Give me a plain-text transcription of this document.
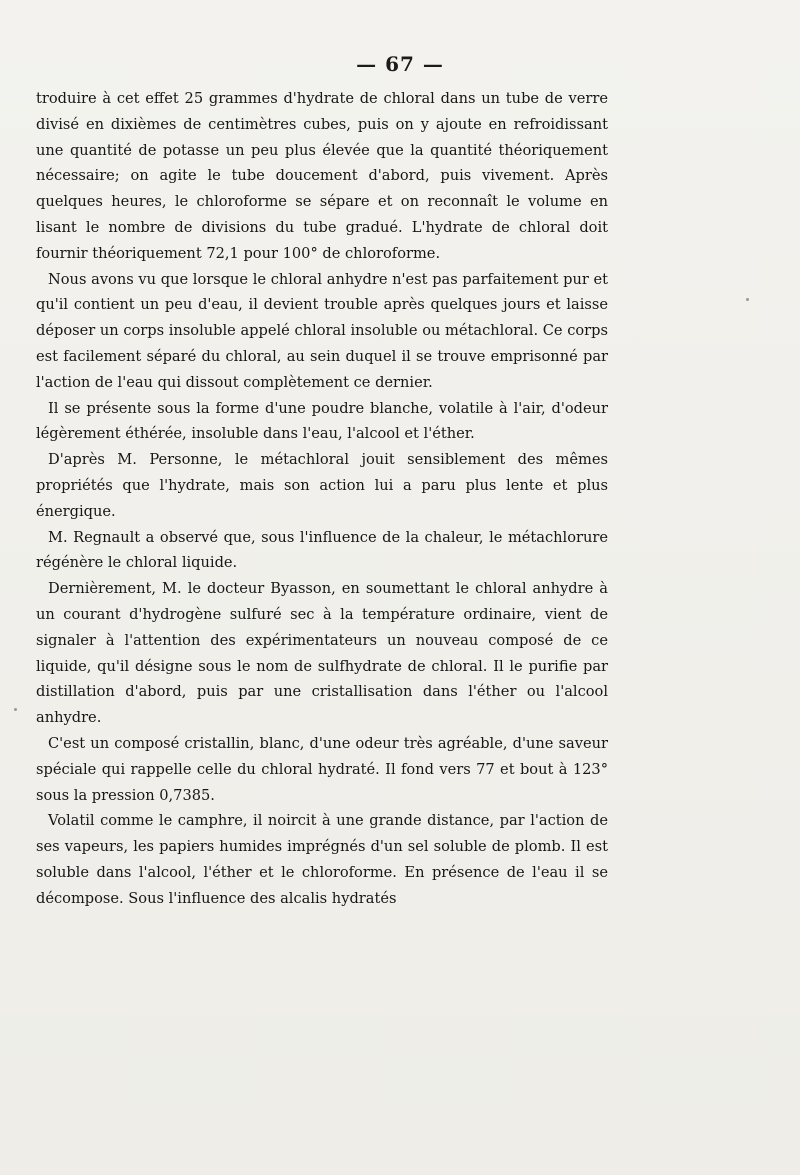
— 67 —

troduire à cet effet 25 grammes d'hydrate de chloral dans un tube de verre divisé en dixièmes de centimètres cubes, puis on y ajoute en refroidissant une quantité de potasse un peu plus élevée que la quantité théoriquement nécessaire; on agite le tube doucement d'abord, puis vivement. Après quelques heures, le chloroforme se sépare et on reconnaît le volume en lisant le nombre de divisions du tube gradué. L'hydrate de chloral doit fournir théoriquement 72,1 pour 100° de chloroforme.

Nous avons vu que lorsque le chloral anhydre n'est pas parfaitement pur et qu'il contient un peu d'eau, il devient trouble après quelques jours et laisse déposer un corps insoluble appelé chloral insoluble ou métachloral. Ce corps est facilement séparé du chloral, au sein duquel il se trouve emprisonné par l'action de l'eau qui dissout complètement ce dernier.

Il se présente sous la forme d'une poudre blanche, volatile à l'air, d'odeur légèrement éthérée, insoluble dans l'eau, l'alcool et l'éther.

D'après M. Personne, le métachloral jouit sensiblement des mêmes propriétés que l'hydrate, mais son action lui a paru plus lente et plus énergique.

M. Regnault a observé que, sous l'influence de la chaleur, le métachlorure régénère le chloral liquide.

Dernièrement, M. le docteur Byasson, en soumettant le chloral anhydre à un courant d'hydrogène sulfuré sec à la température ordinaire, vient de signaler à l'attention des expérimentateurs un nouveau composé de ce liquide, qu'il désigne sous le nom de sulfhydrate de chloral. Il le purifie par distillation d'abord, puis par une cristallisation dans l'éther ou l'alcool anhydre.

C'est un composé cristallin, blanc, d'une odeur très agréable, d'une saveur spéciale qui rappelle celle du chloral hydraté. Il fond vers 77 et bout à 123° sous la pression 0,7385.

Volatil comme le camphre, il noircit à une grande distance, par l'action de ses vapeurs, les papiers humides imprégnés d'un sel soluble de plomb. Il est soluble dans l'alcool, l'éther et le chloroforme. En présence de l'eau il se décompose. Sous l'influence des alcalis hydratés
